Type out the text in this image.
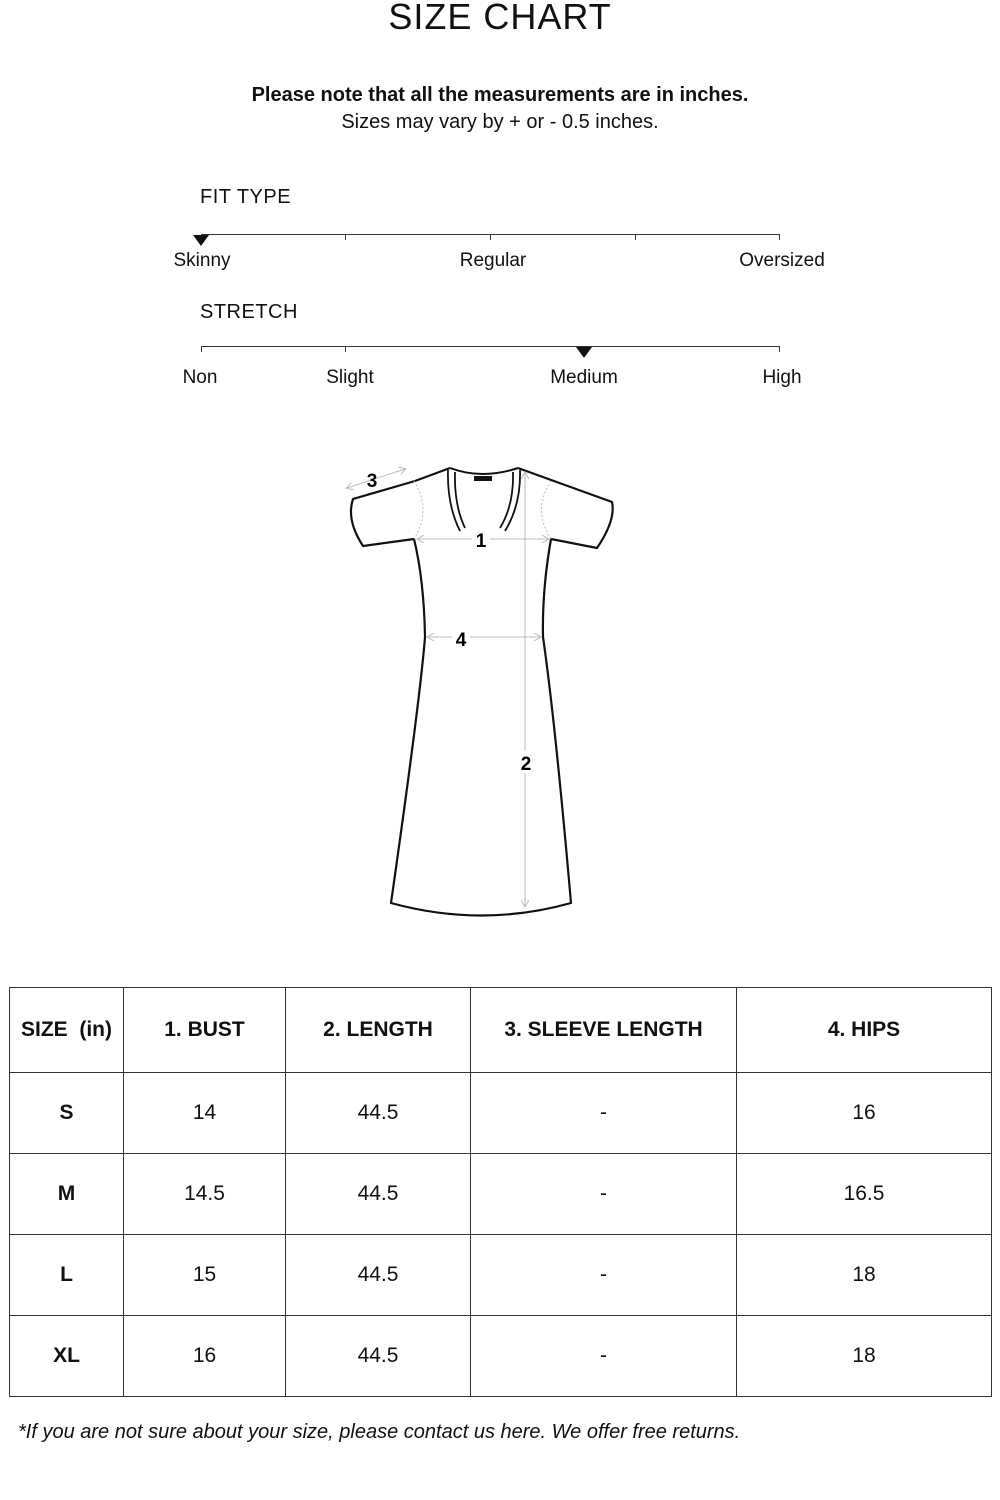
SIZE CHART
Please note that all the measurements are in inches.
Sizes may vary by + or - 0.5 inches.
FIT TYPE
Skinny	Regular	Oversized
STRETCH
Non	Slight	Medium	High
1
2
3
4
SIZE  (in)	1. BUST	2. LENGTH	3. SLEEVE LENGTH	4. HIPS
S	14	44.5	-	16
M	14.5	44.5	-	16.5
L	15	44.5	-	18
XL	16	44.5	-	18
*If you are not sure about your size, please contact us here. We offer free returns.
